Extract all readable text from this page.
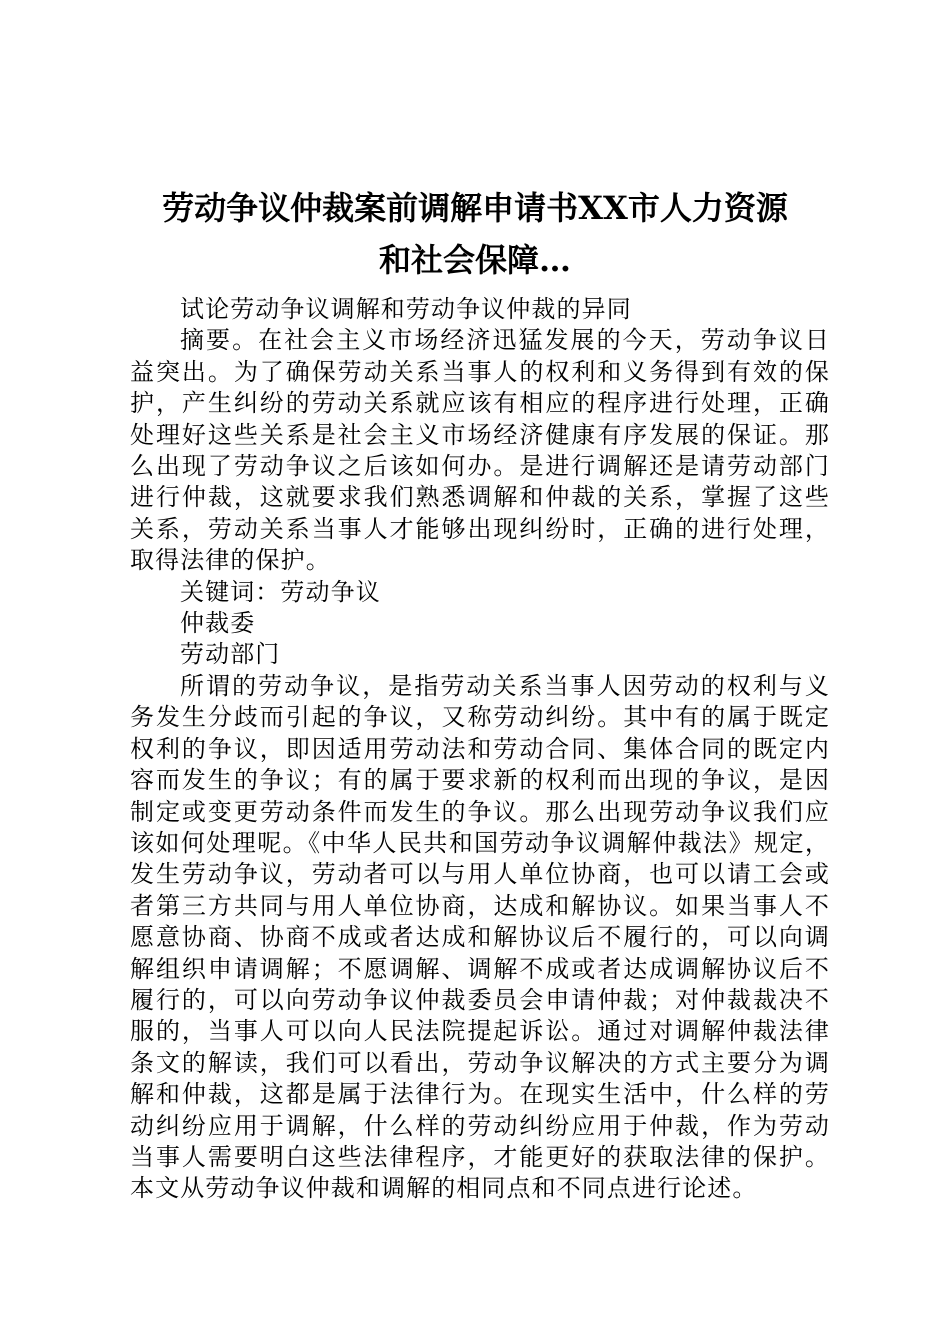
劳动争议仲裁案前调解申请书XX市人力资源
和社会保障…

试论劳动争议调解和劳动争议仲裁的异同

摘要。在社会主义市场经济迅猛发展的今天，劳动争议日益突出。为了确保劳动关系当事人的权利和义务得到有效的保护，产生纠纷的劳动关系就应该有相应的程序进行处理，正确处理好这些关系是社会主义市场经济健康有序发展的保证。那么出现了劳动争议之后该如何办。是进行调解还是请劳动部门进行仲裁，这就要求我们熟悉调解和仲裁的关系，掌握了这些关系，劳动关系当事人才能够出现纠纷时，正确的进行处理，取得法律的保护。

关键词：劳动争议

仲裁委

劳动部门

所谓的劳动争议，是指劳动关系当事人因劳动的权利与义务发生分歧而引起的争议，又称劳动纠纷。其中有的属于既定权利的争议，即因适用劳动法和劳动合同、集体合同的既定内容而发生的争议；有的属于要求新的权利而出现的争议，是因制定或变更劳动条件而发生的争议。那么出现劳动争议我们应该如何处理呢。《中华人民共和国劳动争议调解仲裁法》规定，发生劳动争议，劳动者可以与用人单位协商，也可以请工会或者第三方共同与用人单位协商，达成和解协议。如果当事人不愿意协商、协商不成或者达成和解协议后不履行的，可以向调解组织申请调解；不愿调解、调解不成或者达成调解协议后不履行的，可以向劳动争议仲裁委员会申请仲裁；对仲裁裁决不服的，当事人可以向人民法院提起诉讼。通过对调解仲裁法律条文的解读，我们可以看出，劳动争议解决的方式主要分为调解和仲裁，这都是属于法律行为。在现实生活中，什么样的劳动纠纷应用于调解，什么样的劳动纠纷应用于仲裁，作为劳动当事人需要明白这些法律程序，才能更好的获取法律的保护。本文从劳动争议仲裁和调解的相同点和不同点进行论述。
